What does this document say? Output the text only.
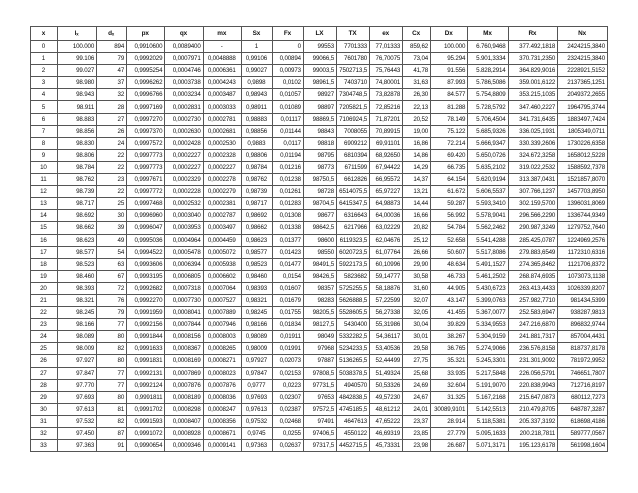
x	lₓ	dₓ	px	qx	mx	Sx	Fx	LX	TX	ex	Cx	Dx	Mx	Rx	Nx
0	100.000	894	0,9910600	0,0089400	-	1	0	99553	7701333	77,01333	859,62	100.000	6.760,9468	377.492,1818	2424215,3840
1	99.106	79	0,9992029	0,0007971	0,0048888	0,99106	0,00894	99066,5	7601780	76,70075	73,04	95.294	5.901,3334	370.731,2350	2324215,3840
2	99.027	47	0,9995254	0,0004746	0,0006361	0,99027	0,00973	99003,5	7502713,5	75,76443	41,78	91.556	5.828,2914	364.829,9016	2228921,5152
3	98.980	37	0,9996262	0,0003738	0,0004243	0,9898	0,0102	98961,5	7403710	74,80001	31,63	87.993	5.786,5086	359.001,6122	2137365,1251
4	98.943	32	0,9996766	0,0003234	0,0003487	0,98943	0,01057	98927	7304748,5	73,82878	26,30	84.577	5.754,8809	353.215,1035	2049372,2655
5	98.911	28	0,9997169	0,0002831	0,0003033	0,98911	0,01089	98897	7205821,5	72,85216	22,13	81.288	5.728,5792	347.460,2227	1964795,3744
6	98.883	27	0,9997270	0,0002730	0,0002781	0,98883	0,01117	98869,5	7106924,5	71,87201	20,52	78.149	5.706,4504	341.731,6435	1883497,7424
7	98.856	26	0,9997370	0,0002630	0,0002681	0,98856	0,01144	98843	7008055	70,89915	19,00	75.122	5.685,9326	336.025,1931	1805349,0711
8	98.830	24	0,9997572	0,0002428	0,0002530	0,9883	0,0117	98818	6909212	69,91101	16,86	72.214	5.666,9347	330.339,2606	1730226,6358
9	98.806	22	0,9997773	0,0002227	0,0002328	0,98806	0,01194	98795	6810394	68,92650	14,86	69.420	5.650,0726	324.672,3258	1658012,5228
10	98.784	22	0,9997773	0,0002227	0,0002227	0,98784	0,01216	98773	6711599	67,94422	14,29	66.735	5.635,2102	319.022,2532	1588592,7378
11	98.762	23	0,9997671	0,0002329	0,0002278	0,98762	0,01238	98750,5	6612826	66,95572	14,37	64.154	5.620,9194	313.387,0431	1521857,8070
12	98.739	22	0,9997772	0,0002228	0,0002279	0,98739	0,01261	98728	6514075,5	65,97227	13,21	61.672	5.606,5537	307.766,1237	1457703,8950
13	98.717	25	0,9997468	0,0002532	0,0002381	0,98717	0,01283	98704,5	6415347,5	64,98873	14,44	59.287	5.593,3410	302.159,5700	1396031,8069
14	98.692	30	0,9996960	0,0003040	0,0002787	0,98692	0,01308	98677	6316643	64,00036	16,66	56.992	5.578,9041	296.566,2290	1336744,9349
15	98.662	39	0,9996047	0,0003953	0,0003497	0,98662	0,01338	98642,5	6217966	63,02229	20,82	54.784	5.562,2462	290.987,3249	1279752,7640
16	98.623	49	0,9995036	0,0004964	0,0004459	0,98623	0,01377	98600	6119323,5	62,04676	25,12	52.658	5.541,4288	285.425,0787	1224969,2576
17	98.577	54	0,9994522	0,0005478	0,0005072	0,98577	0,01423	98550	6020723,5	61,07764	26,66	50.607	5.517,8086	279.883,6549	1172310,6316
18	98.523	63	0,9993606	0,0006394	0,0005938	0,98523	0,01477	98491,5	5922173,5	60,10996	29,90	48.634	5.491,1527	274.365,8462	1121706,8372
19	98.460	67	0,9993195	0,0006805	0,0006602	0,98460	0,0154	98426,5	5823682	59,14777	30,58	46.733	5.461,2502	268.874,6935	1073073,1138
20	98.393	72	0,9992682	0,0007318	0,0007064	0,98393	0,01607	98357	5725255,5	58,18876	31,60	44.905	5.430,6723	263.413,4433	1026339,8207
21	98.321	76	0,9992270	0,0007730	0,0007527	0,98321	0,01679	98283	5626888,5	57,22599	32,07	43.147	5.399,0763	257.982,7710	981434,5399
22	98.245	79	0,9991959	0,0008041	0,0007889	0,98245	0,01755	98205,5	5528605,5	56,27338	32,05	41.455	5.367,0077	252.583,6947	938287,9813
23	98.166	77	0,9992156	0,0007844	0,0007946	0,98166	0,01834	98127,5	5430400	55,31986	30,04	39.829	5.334,9553	247.216,6870	896832,9744
24	98.089	80	0,9991844	0,0008156	0,0008003	0,98089	0,01911	98049	5332282,5	54,36117	30,01	38.267	5.304,9159	241.881,7317	857004,4431
25	98.009	82	0,9991633	0,0008367	0,0008265	0,98009	0,01991	97968	5234233,5	53,40536	29,58	36.765	5.274,9066	236.576,8158	818737,8178
26	97.927	80	0,9991831	0,0008169	0,0008271	0,97927	0,02073	97887	5136265,5	52,44499	27,75	35.321	5.245,3301	231.301,9092	781972,9952
27	97.847	77	0,9992131	0,0007869	0,0008023	0,97847	0,02153	97808,5	5038378,5	51,49324	25,68	33.935	5.217,5848	226.056,5791	746651,7807
28	97.770	77	0,9992124	0,0007876	0,0007876	0,9777	0,0223	97731,5	4940570	50,53326	24,69	32.604	5.191,9070	220.838,9943	712716,8197
29	97.693	80	0,9991811	0,0008189	0,0008036	0,97693	0,02307	97653	4842838,5	49,57230	24,67	31.325	5.167,2168	215.647,0873	680112,7273
30	97.613	81	0,9991702	0,0008298	0,0008247	0,97613	0,02387	97572,5	4745185,5	48,61212	24,01	30089,9101	5.142,5513	210.479,8705	648787,3287
31	97.532	82	0,9991593	0,0008407	0,0008356	0,97532	0,02468	97491	4647613	47,65222	23,37	28.914	5.118,5381	205.337,3192	618698,4186
32	97.450	87	0,9991072	0,0008928	0,0008671	0,9745	0,0255	97406,5	4550122	46,69319	23,85	27.779	5.095,1633	200.218,7811	589777,0567
33	97.363	91	0,9990654	0,0009346	0,0009141	0,97363	0,02637	97317,5	4452715,5	45,73331	23,98	26.687	5.071,3171	195.123,6178	561998,1604
